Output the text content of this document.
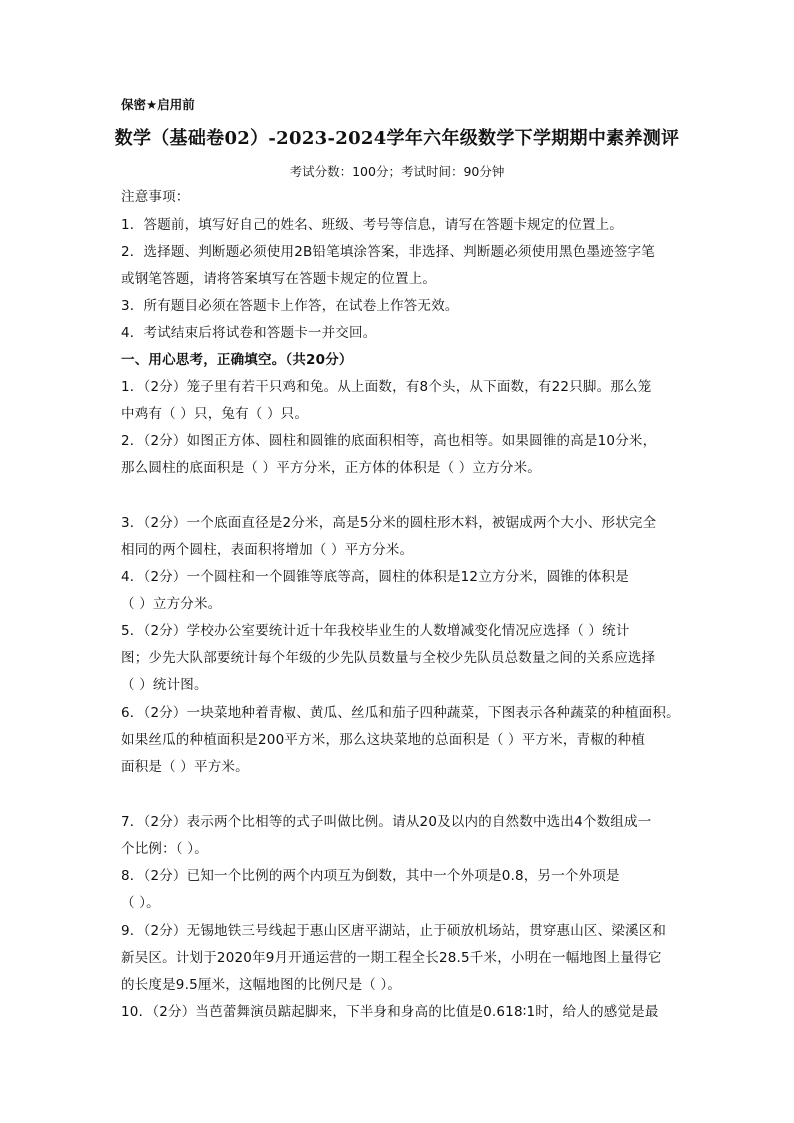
保密★启用前
数学（基础卷02）-2023-2024学年六年级数学下学期期中素养测评
考试分数：100分；考试时间：90分钟
注意事项：
1．答题前，填写好自己的姓名、班级、考号等信息，请写在答题卡规定的位置上。
2．选择题、判断题必须使用2B铅笔填涂答案，非选择、判断题必须使用黑色墨迹签字笔
或钢笔答题，请将答案填写在答题卡规定的位置上。
3．所有题目必须在答题卡上作答，在试卷上作答无效。
4．考试结束后将试卷和答题卡一并交回。
一、用心思考，正确填空。（共20分）
1．（2分）笼子里有若干只鸡和兔。从上面数，有8个头，从下面数，有22只脚。那么笼
中鸡有（ ）只，兔有（ ）只。
2．（2分）如图正方体、圆柱和圆锥的底面积相等，高也相等。如果圆锥的高是10分米，
那么圆柱的底面积是（ ）平方分米，正方体的体积是（ ）立方分米。
3．（2分）一个底面直径是2分米，高是5分米的圆柱形木料，被锯成两个大小、形状完全
相同的两个圆柱，表面积将增加（ ）平方分米。
4．（2分）一个圆柱和一个圆锥等底等高，圆柱的体积是12立方分米，圆锥的体积是
（ ）立方分米。
5．（2分）学校办公室要统计近十年我校毕业生的人数增减变化情况应选择（ ）统计
图；少先大队部要统计每个年级的少先队员数量与全校少先队员总数量之间的关系应选择
（ ）统计图。
6．（2分）一块菜地种着青椒、黄瓜、丝瓜和茄子四种蔬菜，下图表示各种蔬菜的种植面积。
如果丝瓜的种植面积是200平方米，那么这块菜地的总面积是（ ）平方米，青椒的种植
面积是（ ）平方米。
7．（2分）表示两个比相等的式子叫做比例。请从20及以内的自然数中选出4个数组成一
个比例：（ ）。
8．（2分）已知一个比例的两个内项互为倒数，其中一个外项是0.8，另一个外项是
（ ）。
9．（2分）无锡地铁三号线起于惠山区唐平湖站，止于硕放机场站，贯穿惠山区、梁溪区和
新吴区。计划于2020年9月开通运营的一期工程全长28.5千米，小明在一幅地图上量得它
的长度是9.5厘米，这幅地图的比例尺是（ ）。
10．（2分）当芭蕾舞演员踮起脚来，下半身和身高的比值是0.618∶1时，给人的感觉是最
